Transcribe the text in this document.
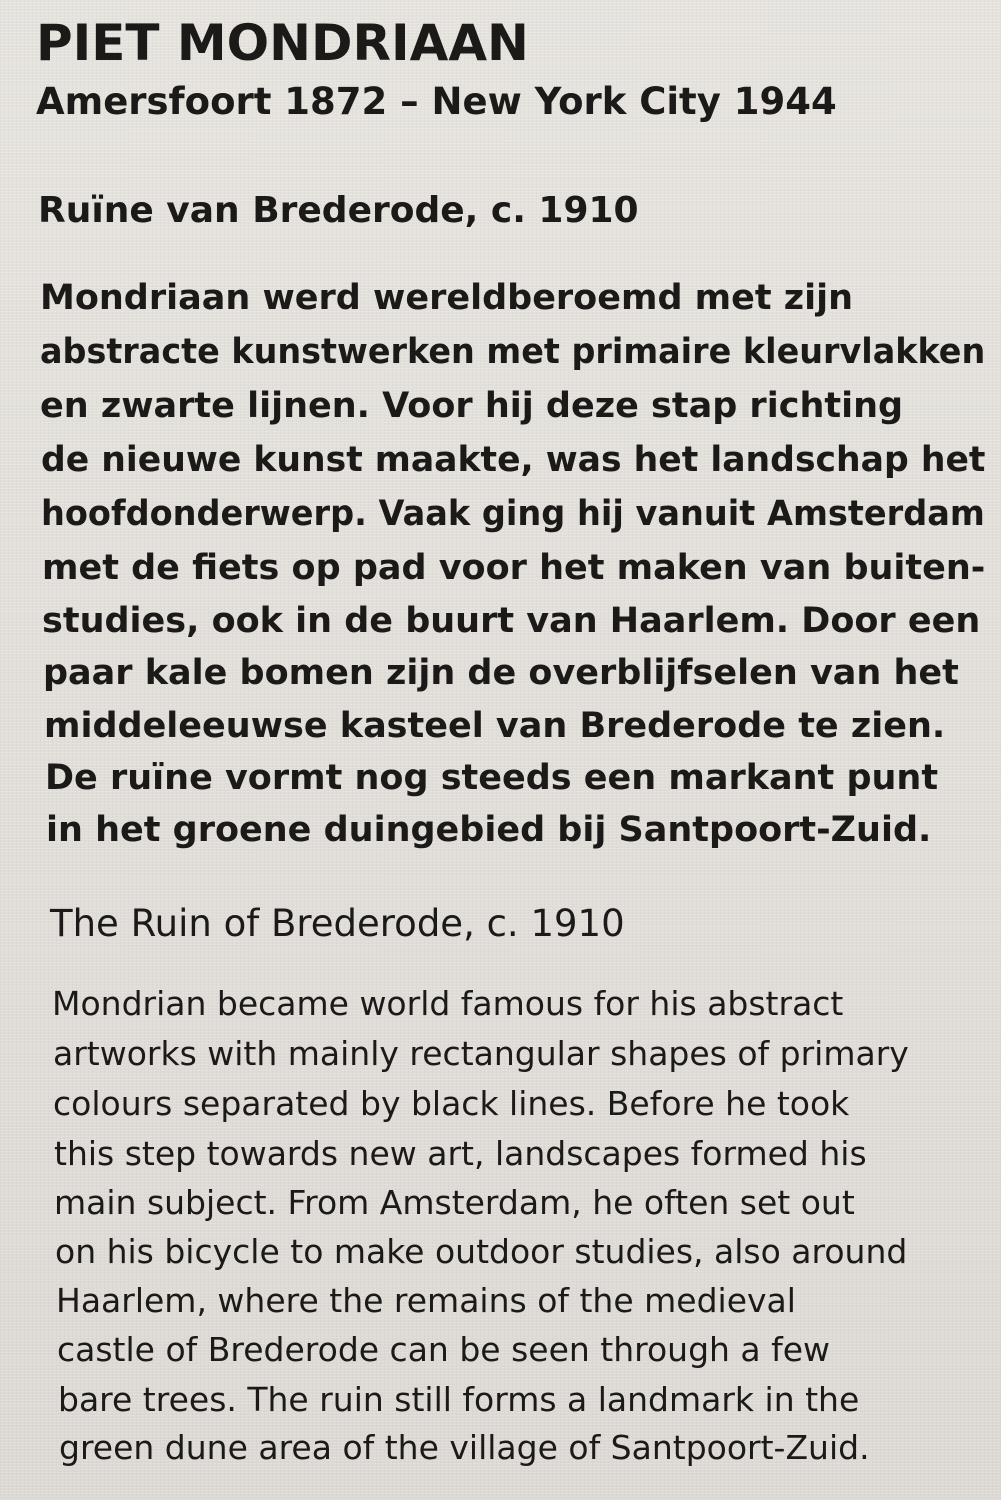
PIET MONDRIAAN
Amersfoort 1872 – New York City 1944
Ruïne van Brederode, c. 1910
Mondriaan werd wereldberoemd met zijn
abstracte kunstwerken met primaire kleurvlakken
en zwarte lijnen. Voor hij deze stap richting
de nieuwe kunst maakte, was het landschap het
hoofdonderwerp. Vaak ging hij vanuit Amsterdam
met de fiets op pad voor het maken van buiten-
studies, ook in de buurt van Haarlem. Door een
paar kale bomen zijn de overblijfselen van het
middeleeuwse kasteel van Brederode te zien.
De ruïne vormt nog steeds een markant punt
in het groene duingebied bij Santpoort-Zuid.
The Ruin of Brederode, c. 1910
Mondrian became world famous for his abstract
artworks with mainly rectangular shapes of primary
colours separated by black lines. Before he took
this step towards new art, landscapes formed his
main subject. From Amsterdam, he often set out
on his bicycle to make outdoor studies, also around
Haarlem, where the remains of the medieval
castle of Brederode can be seen through a few
bare trees. The ruin still forms a landmark in the
green dune area of the village of Santpoort-Zuid.
